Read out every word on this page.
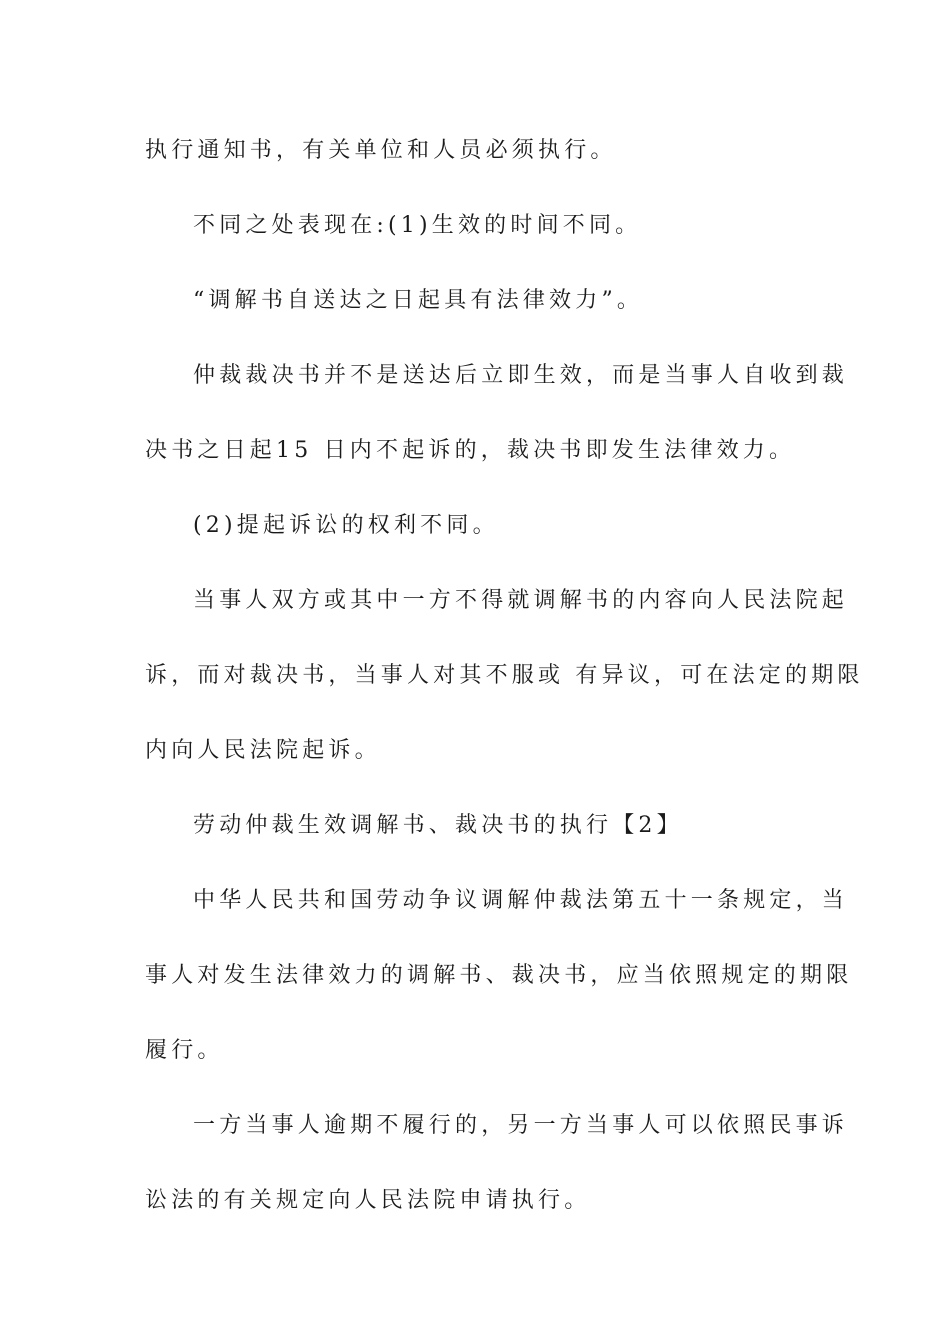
执行通知书，有关单位和人员必须执行。
不同之处表现在:(1)生效的时间不同。
“调解书自送达之日起具有法律效力”。
仲裁裁决书并不是送达后立即生效，而是当事人自收到裁
决书之日起15 日内不起诉的，裁决书即发生法律效力。
(2)提起诉讼的权利不同。
当事人双方或其中一方不得就调解书的内容向人民法院起
诉，而对裁决书，当事人对其不服或 有异议，可在法定的期限
内向人民法院起诉。
劳动仲裁生效调解书、裁决书的执行【2】
中华人民共和国劳动争议调解仲裁法第五十一条规定，当
事人对发生法律效力的调解书、裁决书，应当依照规定的期限
履行。
一方当事人逾期不履行的，另一方当事人可以依照民事诉
讼法的有关规定向人民法院申请执行。
